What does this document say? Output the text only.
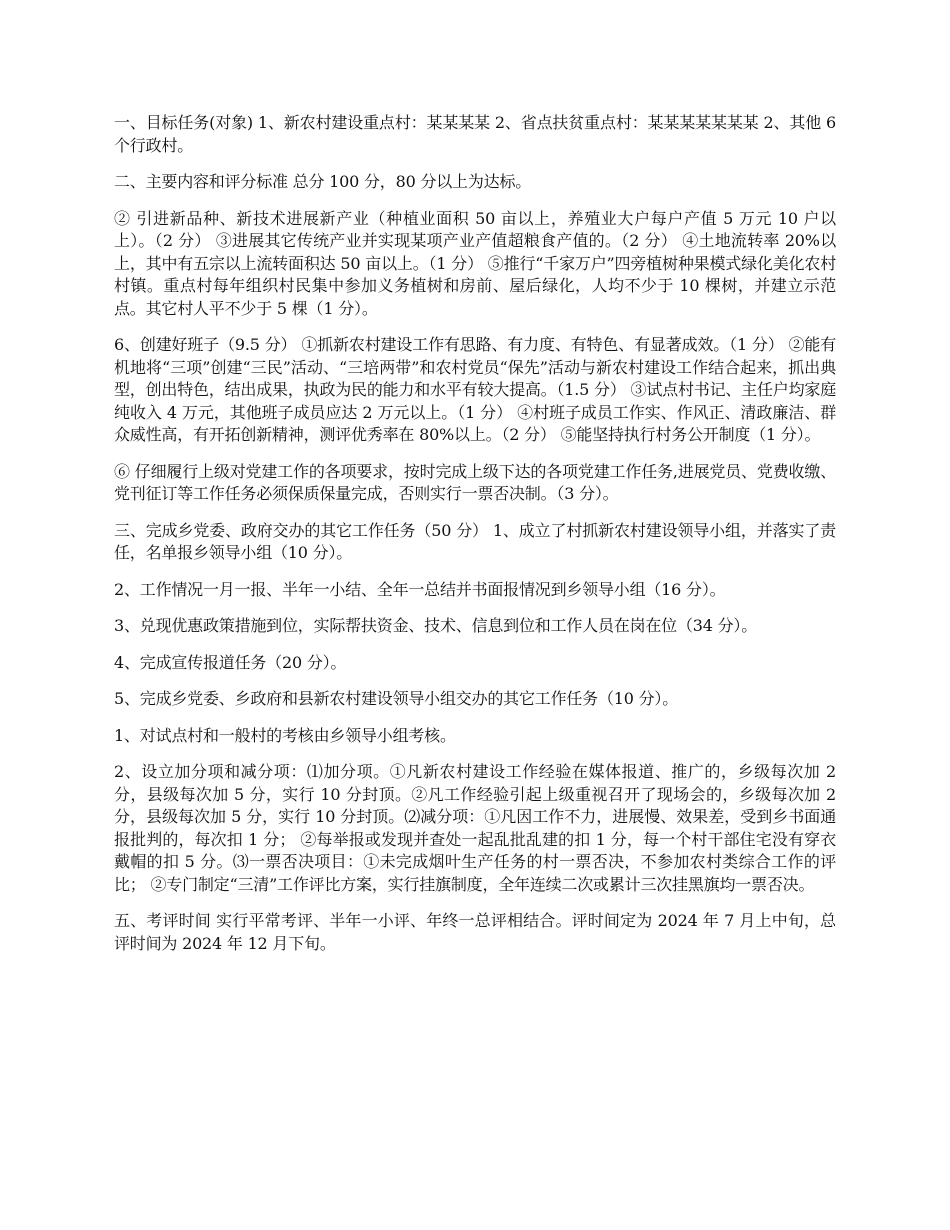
一、目标任务(对象) 1、新农村建设重点村：某某某某 2、省点扶贫重点村：某某某某某某某 2、其他 6 个行政村。

二、主要内容和评分标准 总分 100 分，80 分以上为达标。

② 引进新品种、新技术进展新产业（种植业面积 50 亩以上，养殖业大户每户产值 5 万元 10 户以上）。（2 分） ③进展其它传统产业并实现某项产业产值超粮食产值的。（2 分） ④土地流转率 20%以上，其中有五宗以上流转面积达 50 亩以上。（1 分） ⑤推行“千家万户”四旁植树种果模式绿化美化农村村镇。重点村每年组织村民集中参加义务植树和房前、屋后绿化，人均不少于 10 棵树，并建立示范点。其它村人平不少于 5 棵（1 分）。

6、创建好班子（9.5 分） ①抓新农村建设工作有思路、有力度、有特色、有显著成效。（1 分） ②能有机地将“三项”创建“三民”活动、“三培两带”和农村党员“保先”活动与新农村建设工作结合起来，抓出典型，创出特色，结出成果，执政为民的能力和水平有较大提高。（1.5 分） ③试点村书记、主任户均家庭纯收入 4 万元，其他班子成员应达 2 万元以上。（1 分） ④村班子成员工作实、作风正、清政廉洁、群众威性高，有开拓创新精神，测评优秀率在 80%以上。（2 分） ⑤能坚持执行村务公开制度（1 分）。

⑥ 仔细履行上级对党建工作的各项要求，按时完成上级下达的各项党建工作任务,进展党员、党费收缴、党刊征订等工作任务必须保质保量完成，否则实行一票否决制。（3 分）。

三、完成乡党委、政府交办的其它工作任务（50 分） 1、成立了村抓新农村建设领导小组，并落实了责任，名单报乡领导小组（10 分）。

2、工作情况一月一报、半年一小结、全年一总结并书面报情况到乡领导小组（16 分）。

3、兑现优惠政策措施到位，实际帮扶资金、技术、信息到位和工作人员在岗在位（34 分）。

4、完成宣传报道任务（20 分）。

5、完成乡党委、乡政府和县新农村建设领导小组交办的其它工作任务（10 分）。

1、对试点村和一般村的考核由乡领导小组考核。

2、设立加分项和减分项：⑴加分项。①凡新农村建设工作经验在媒体报道、推广的，乡级每次加 2 分，县级每次加 5 分，实行 10 分封顶。②凡工作经验引起上级重视召开了现场会的，乡级每次加 2 分，县级每次加 5 分，实行 10 分封顶。⑵减分项：①凡因工作不力，进展慢、效果差，受到乡书面通报批判的，每次扣 1 分； ②每举报或发现并查处一起乱批乱建的扣 1 分，每一个村干部住宅没有穿衣戴帽的扣 5 分。⑶一票否决项目：①未完成烟叶生产任务的村一票否决，不参加农村类综合工作的评比； ②专门制定“三清”工作评比方案，实行挂旗制度，全年连续二次或累计三次挂黑旗均一票否决。

五、考评时间 实行平常考评、半年一小评、年终一总评相结合。评时间定为 2024 年 7 月上中旬，总评时间为 2024 年 12 月下旬。
